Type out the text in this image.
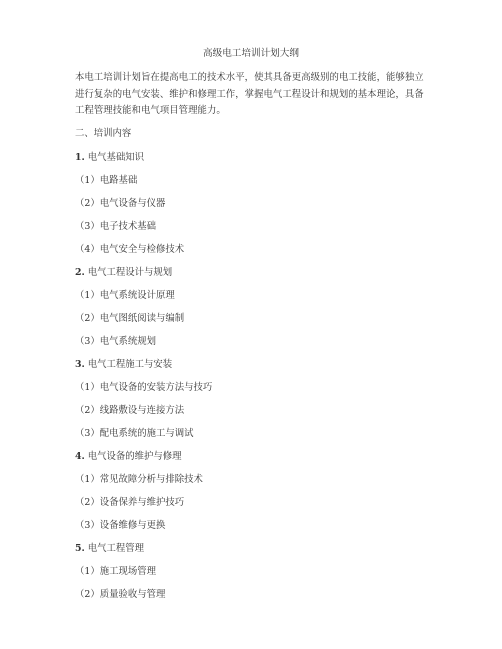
高级电工培训计划大纲
本电工培训计划旨在提高电工的技术水平，使其具备更高级别的电工技能，能够独立进行复杂的电气安装、维护和修理工作，掌握电气工程设计和规划的基本理论，具备工程管理技能和电气项目管理能力。
二、培训内容
1. 电气基础知识
（1）电路基础
（2）电气设备与仪器
（3）电子技术基础
（4）电气安全与检修技术
2. 电气工程设计与规划
（1）电气系统设计原理
（2）电气图纸阅读与编制
（3）电气系统规划
3. 电气工程施工与安装
（1）电气设备的安装方法与技巧
（2）线路敷设与连接方法
（3）配电系统的施工与调试
4. 电气设备的维护与修理
（1）常见故障分析与排除技术
（2）设备保养与维护技巧
（3）设备维修与更换
5. 电气工程管理
（1）施工现场管理
（2）质量验收与管理
